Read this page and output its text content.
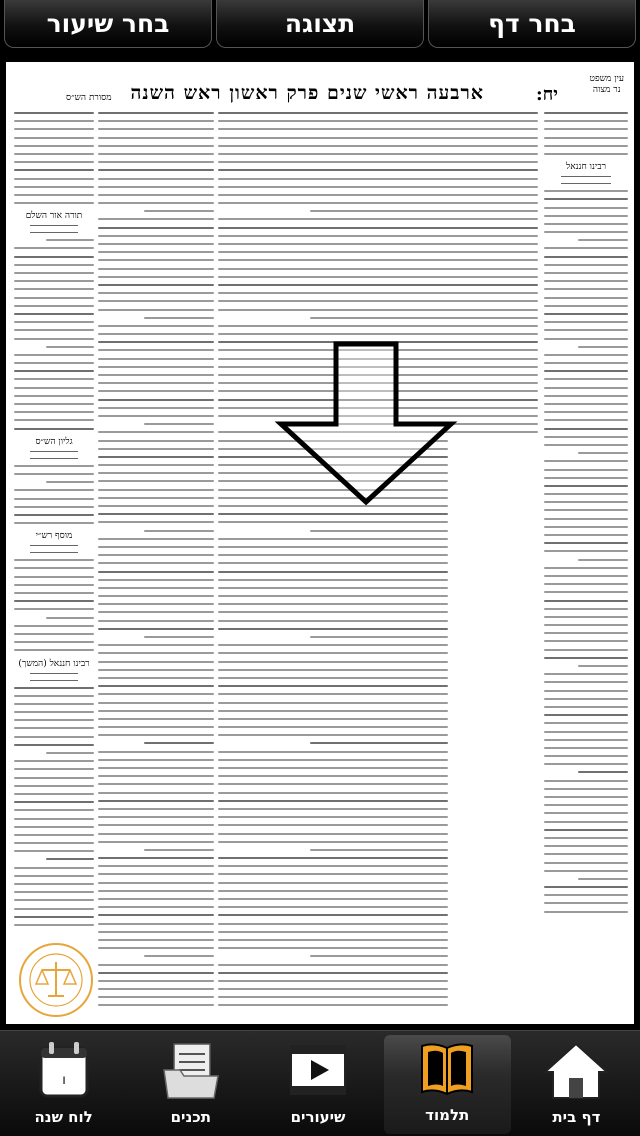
בחר שיעור	תצוגה	בחר דף
עין משפט
נר מצוה
יח:
ארבעה ראשי שנים פרק ראשון ראש השנה
מסורת הש״ס
רבינו חננאל
תורה אור השלם
גליון הש״ס
מוסף רש״י
רבינו חננאל (המשך)
ו
לוח שנה	תכנים	שיעורים	תלמוד	דף בית
